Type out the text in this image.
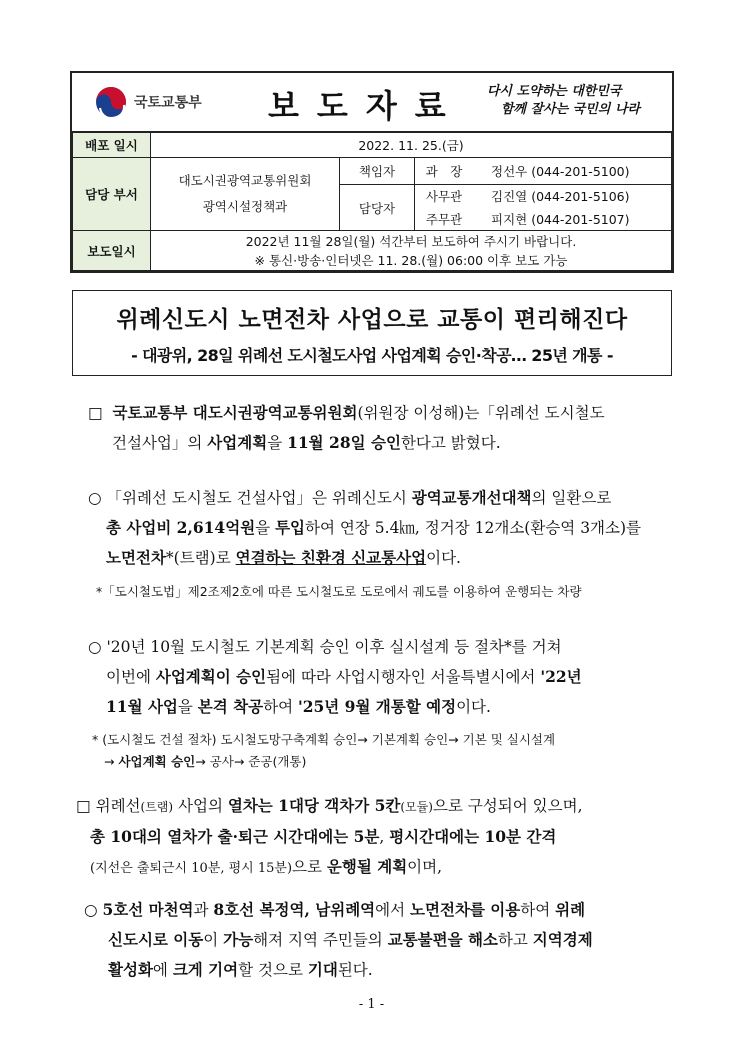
국토교통부 보도자료 다시 도약하는 대한민국
함께 잘사는 국민의 나라
배포 일시	2022. 11. 25.(금)			
담당 부서	대도시권광역교통위원회
광역시설정책과	책임자	과　장	정선우 (044-201-5100)
		담당자	사무관	김진열 (044-201-5106)
			주무관	피지현 (044-201-5107)
보도일시	2022년 11월 28일(월) 석간부터 보도하여 주시기 바랍니다.
※ 통신·방송·인터넷은 11. 28.(월) 06:00 이후 보도 가능			
위례신도시 노면전차 사업으로 교통이 편리해진다
- 대광위, 28일 위례선 도시철도사업 사업계획 승인·착공… 25년 개통 -
□ 국토교통부 대도시권광역교통위원회(위원장 이성해)는「위례선 도시철도
건설사업」의 사업계획을 11월 28일 승인한다고 밝혔다.
○ 「위례선 도시철도 건설사업」은 위례신도시 광역교통개선대책의 일환으로
총 사업비 2,614억원을 투입하여 연장 5.4㎞, 정거장 12개소(환승역 3개소)를
노면전차*(트램)로 연결하는 친환경 신교통사업이다.
*「도시철도법」제2조제2호에 따른 도시철도로 도로에서 궤도를 이용하여 운행되는 차량
○ '20년 10월 도시철도 기본계획 승인 이후 실시설계 등 절차*를 거쳐
이번에 사업계획이 승인됨에 따라 사업시행자인 서울특별시에서 '22년
11월 사업을 본격 착공하여 '25년 9월 개통할 예정이다.
* (도시철도 건설 절차) 도시철도망구축계획 승인→ 기본계획 승인→ 기본 및 실시설계
→ 사업계획 승인→ 공사→ 준공(개통)
□ 위례선(트램) 사업의 열차는 1대당 객차가 5칸(모듈)으로 구성되어 있으며,
총 10대의 열차가 출·퇴근 시간대에는 5분, 평시간대에는 10분 간격
(지선은 출퇴근시 10분, 평시 15분)으로 운행될 계획이며,
○ 5호선 마천역과 8호선 복정역, 남위례역에서 노면전차를 이용하여 위례
신도시로 이동이 가능해져 지역 주민들의 교통불편을 해소하고 지역경제
활성화에 크게 기여할 것으로 기대된다.
- 1 -
